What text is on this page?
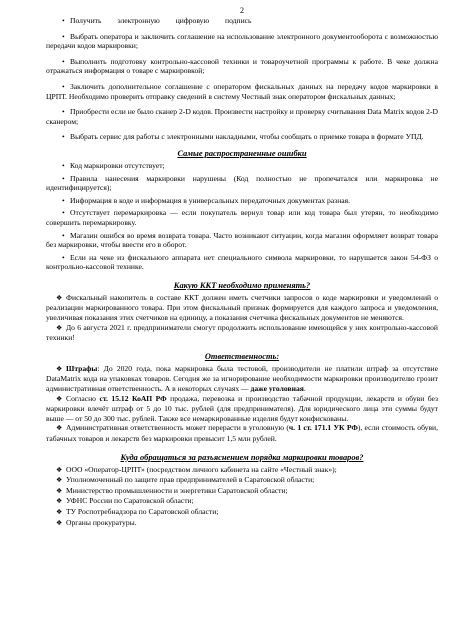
2

• Получить электронную цифровую подпись

• Выбрать оператора и заключить соглашение на использование электронного документооборота с возможностью передачи кодов маркировки;

• Выполнить подготовку контрольно-кассовой техники и товароучетной программы к работе. В чеке должна отражаться информация о товаре с маркировкой;

• Заключить дополнительное соглашение с оператором фискальных данных на передачу кодов маркировки в ЦРПТ. Необходимо проверить отправку сведений в систему Честный знак оператором фискальных данных;

• Приобрести если не было сканер 2-D кодов. Произвести настройку и проверку считывания Data Matrix кодов 2-D сканером;

• Выбрать сервис для работы с электронными накладными, чтобы сообщать о приемке товара в формате УПД.

Самые распространенные ошибки

• Код маркировки отсутствует;

• Правила нанесения маркировки нарушены (Код полностью не пропечатался или маркировка не идентифицируется);

• Информация в коде и информация в универсальных передаточных документах разная.

• Отсутствует перемаркировка — если покупатель вернул товар или код товара был утерян, то необходимо совершить перемаркировку.

• Магазин ошибся во время возврата товара. Часто возникают ситуации, когда магазин оформляет возврат товара без маркировки, чтобы ввести его в оборот.

• Если на чеке из фискального аппарата нет специального символа маркировки, то нарушается закон 54-ФЗ о контрольно-кассовой технике.

Какую ККТ необходимо применять?

❖ Фискальный накопитель в составе ККТ должен иметь счетчики запросов о коде маркировки и уведомлений о реализации маркированного товара. При этом фискальный признак формируется для каждого запроса и уведомления, увеличивая показания этих счетчиков на единицу, а показания счетчика фискальных документов не меняются.

❖ До 6 августа 2021 г. предприниматели смогут продолжить использование имеющейся у них контрольно-кассовой техники!

Ответственность:

❖ Штрафы: До 2020 года, пока маркировка была тестовой, производители не платили штраф за отсутствие DataMatrix кода на упаковках товаров. Сегодня же за игнорирование необходимости маркировки производителю грозит административная ответственность. А в некоторых случаях — даже уголовная.

❖ Согласно ст. 15.12 КоАП РФ продажа, перевозка и производство табачной продукции, лекарств и обуви без маркировки влечёт штраф от 5 до 10 тыс. рублей (для предпринимателя). Для юридического лица эти суммы будут выше — от 50 до 300 тыс. рублей. Также все немаркированные изделия будут конфискованы.

❖ Административная ответственность может перерасти в уголовную (ч. 1 ст. 171.1 УК РФ), если стоимость обуви, табачных товаров и лекарств без маркировки превысит 1,5 млн рублей.

Куда обращаться за разъяснением порядка маркировки товаров?

❖ ООО «Оператор-ЦРПТ» (посредством личного кабинета на сайте «Честный знак»);

❖ Уполномоченный по защите прав предпринимателей в Саратовской области;

❖ Министерство промышленности и энергетики Саратовской области;

❖ УФНС России по Саратовской области;

❖ ТУ Роспотребнадзора по Саратовской области;

❖ Органы прокуратуры.
